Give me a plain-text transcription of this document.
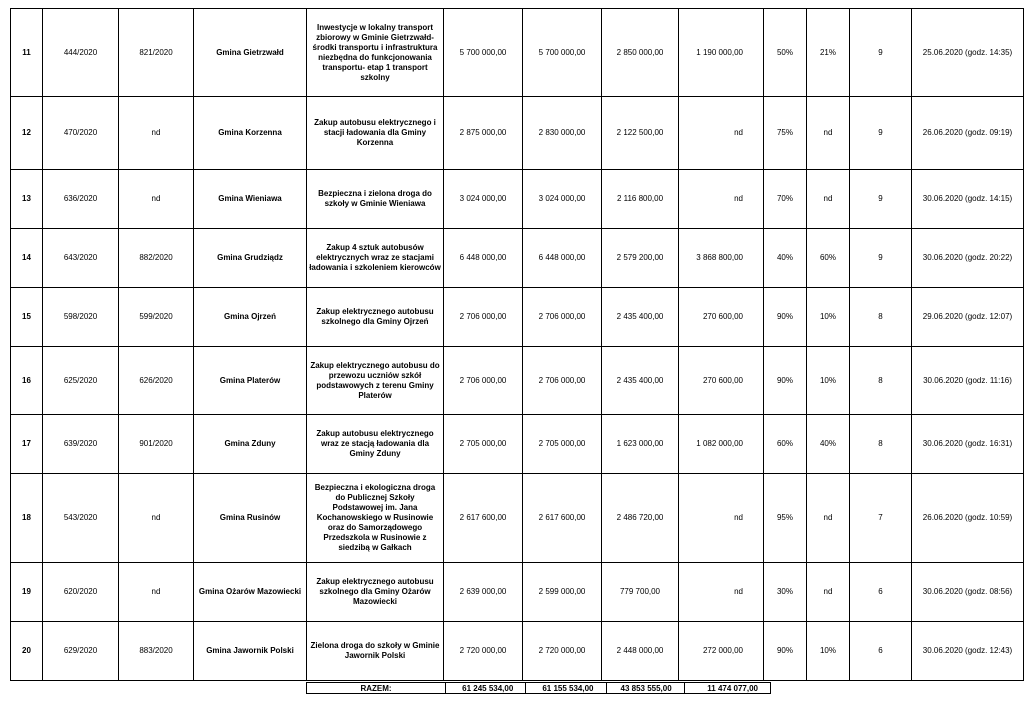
11	444/2020	821/2020	Gmina Gietrzwałd	Inwestycje w lokalny transport zbiorowy w Gminie Gietrzwałd- środki transportu i infrastruktura niezbędna do funkcjonowania transportu- etap 1 transport szkolny	5 700 000,00	5 700 000,00	2 850 000,00	1 190 000,00	50%	21%	9	25.06.2020 (godz. 14:35)
12	470/2020	nd	Gmina Korzenna	Zakup autobusu elektrycznego i stacji ładowania dla Gminy Korzenna	2 875 000,00	2 830 000,00	2 122 500,00	nd	75%	nd	9	26.06.2020 (godz. 09:19)
13	636/2020	nd	Gmina Wieniawa	Bezpieczna i zielona droga do szkoły w Gminie Wieniawa	3 024 000,00	3 024 000,00	2 116 800,00	nd	70%	nd	9	30.06.2020 (godz. 14:15)
14	643/2020	882/2020	Gmina Grudziądz	Zakup 4 sztuk autobusów elektrycznych wraz ze stacjami ładowania i szkoleniem kierowców	6 448 000,00	6 448 000,00	2 579 200,00	3 868 800,00	40%	60%	9	30.06.2020 (godz. 20:22)
15	598/2020	599/2020	Gmina Ojrzeń	Zakup elektrycznego autobusu szkolnego dla Gminy Ojrzeń	2 706 000,00	2 706 000,00	2 435 400,00	270 600,00	90%	10%	8	29.06.2020 (godz. 12:07)
16	625/2020	626/2020	Gmina Platerów	Zakup elektrycznego autobusu do przewozu uczniów szkół podstawowych z terenu Gminy Platerów	2 706 000,00	2 706 000,00	2 435 400,00	270 600,00	90%	10%	8	30.06.2020 (godz. 11:16)
17	639/2020	901/2020	Gmina Zduny	Zakup autobusu elektrycznego wraz ze stacją ładowania dla Gminy Zduny	2 705 000,00	2 705 000,00	1 623 000,00	1 082 000,00	60%	40%	8	30.06.2020 (godz. 16:31)
18	543/2020	nd	Gmina Rusinów	Bezpieczna i ekologiczna droga do Publicznej Szkoły Podstawowej im. Jana Kochanowskiego w Rusinowie oraz do Samorządowego Przedszkola w Rusinowie z siedzibą w Gałkach	2 617 600,00	2 617 600,00	2 486 720,00	nd	95%	nd	7	26.06.2020 (godz. 10:59)
19	620/2020	nd	Gmina Ożarów Mazowiecki	Zakup elektrycznego autobusu szkolnego dla Gminy Ożarów Mazowiecki	2 639 000,00	2 599 000,00	779 700,00	nd	30%	nd	6	30.06.2020 (godz. 08:56)
20	629/2020	883/2020	Gmina Jawornik Polski	Zielona droga do szkoły w Gminie Jawornik Polski	2 720 000,00	2 720 000,00	2 448 000,00	272 000,00	90%	10%	6	30.06.2020 (godz. 12:43)
RAZEM:	61 245 534,00	61 155 534,00	43 853 555,00	11 474 077,00
